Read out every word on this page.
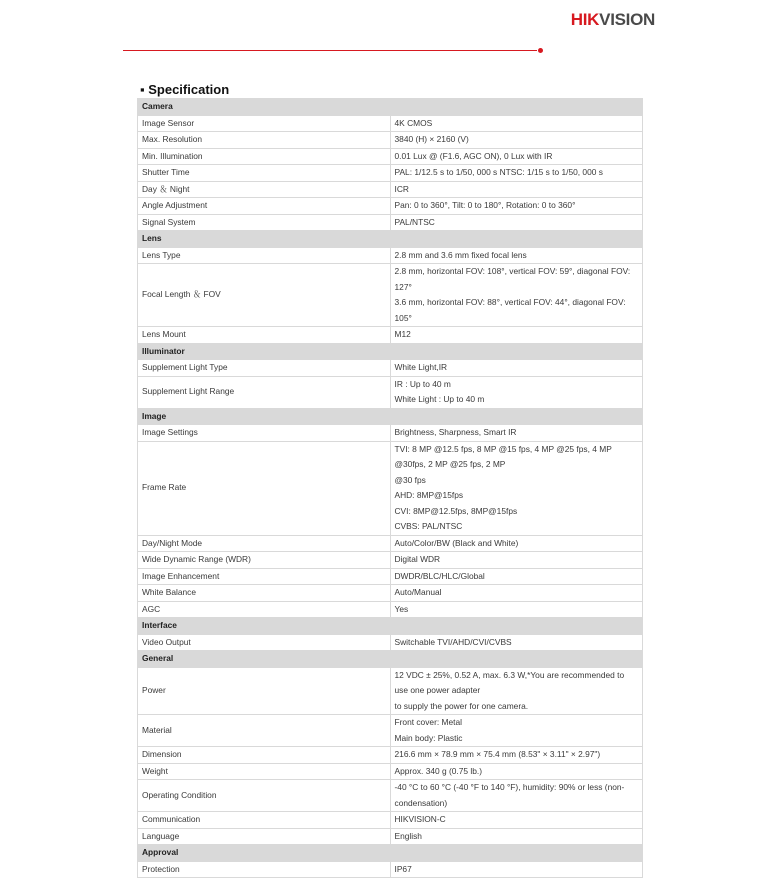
HIKVISION
▪ Specification
Camera	
Image Sensor	4K CMOS

Max. Resolution	3840 (H) × 2160 (V)

Min. Illumination	0.01 Lux @ (F1.6, AGC ON), 0 Lux with IR

Shutter Time	PAL: 1/12.5 s to 1/50, 000 s NTSC: 1/15 s to 1/50, 000 s

Day ＆ Night	ICR

Angle Adjustment	Pan: 0 to 360°, Tilt: 0 to 180°, Rotation: 0 to 360°

Signal System	PAL/NTSC

Lens	
Lens Type	2.8 mm and 3.6 mm fixed focal lens

Focal Length ＆ FOV	2.8 mm, horizontal FOV: 108°, vertical FOV: 59°, diagonal FOV: 127°
3.6 mm, horizontal FOV: 88°, vertical FOV: 44°, diagonal FOV: 105°

Lens Mount	M12

Illuminator	
Supplement Light Type	White Light,IR

Supplement Light Range	IR : Up to 40 m
White Light : Up to 40 m

Image	
Image Settings	Brightness, Sharpness, Smart IR

Frame Rate	TVI: 8 MP @12.5 fps, 8 MP @15 fps, 4 MP @25 fps, 4 MP @30fps, 2 MP @25 fps, 2 MP
@30 fps
AHD: 8MP@15fps
CVI: 8MP@12.5fps, 8MP@15fps
CVBS: PAL/NTSC

Day/Night Mode	Auto/Color/BW (Black and White)

Wide Dynamic Range (WDR)	Digital WDR

Image Enhancement	DWDR/BLC/HLC/Global

White Balance	Auto/Manual

AGC	Yes

Interface	
Video Output	Switchable TVI/AHD/CVI/CVBS

General	
Power	12 VDC ± 25%, 0.52 A, max. 6.3 W,*You are recommended to use one power adapter
to supply the power for one camera.

Material	Front cover: Metal
Main body: Plastic

Dimension	216.6 mm × 78.9 mm × 75.4 mm (8.53" × 3.11" × 2.97")

Weight	Approx. 340 g (0.75 lb.)

Operating Condition	-40 °C to 60 °C (-40 °F to 140 °F), humidity: 90% or less (non-condensation)

Communication	HIKVISION-C

Language	English

Approval	
Protection	IP67
